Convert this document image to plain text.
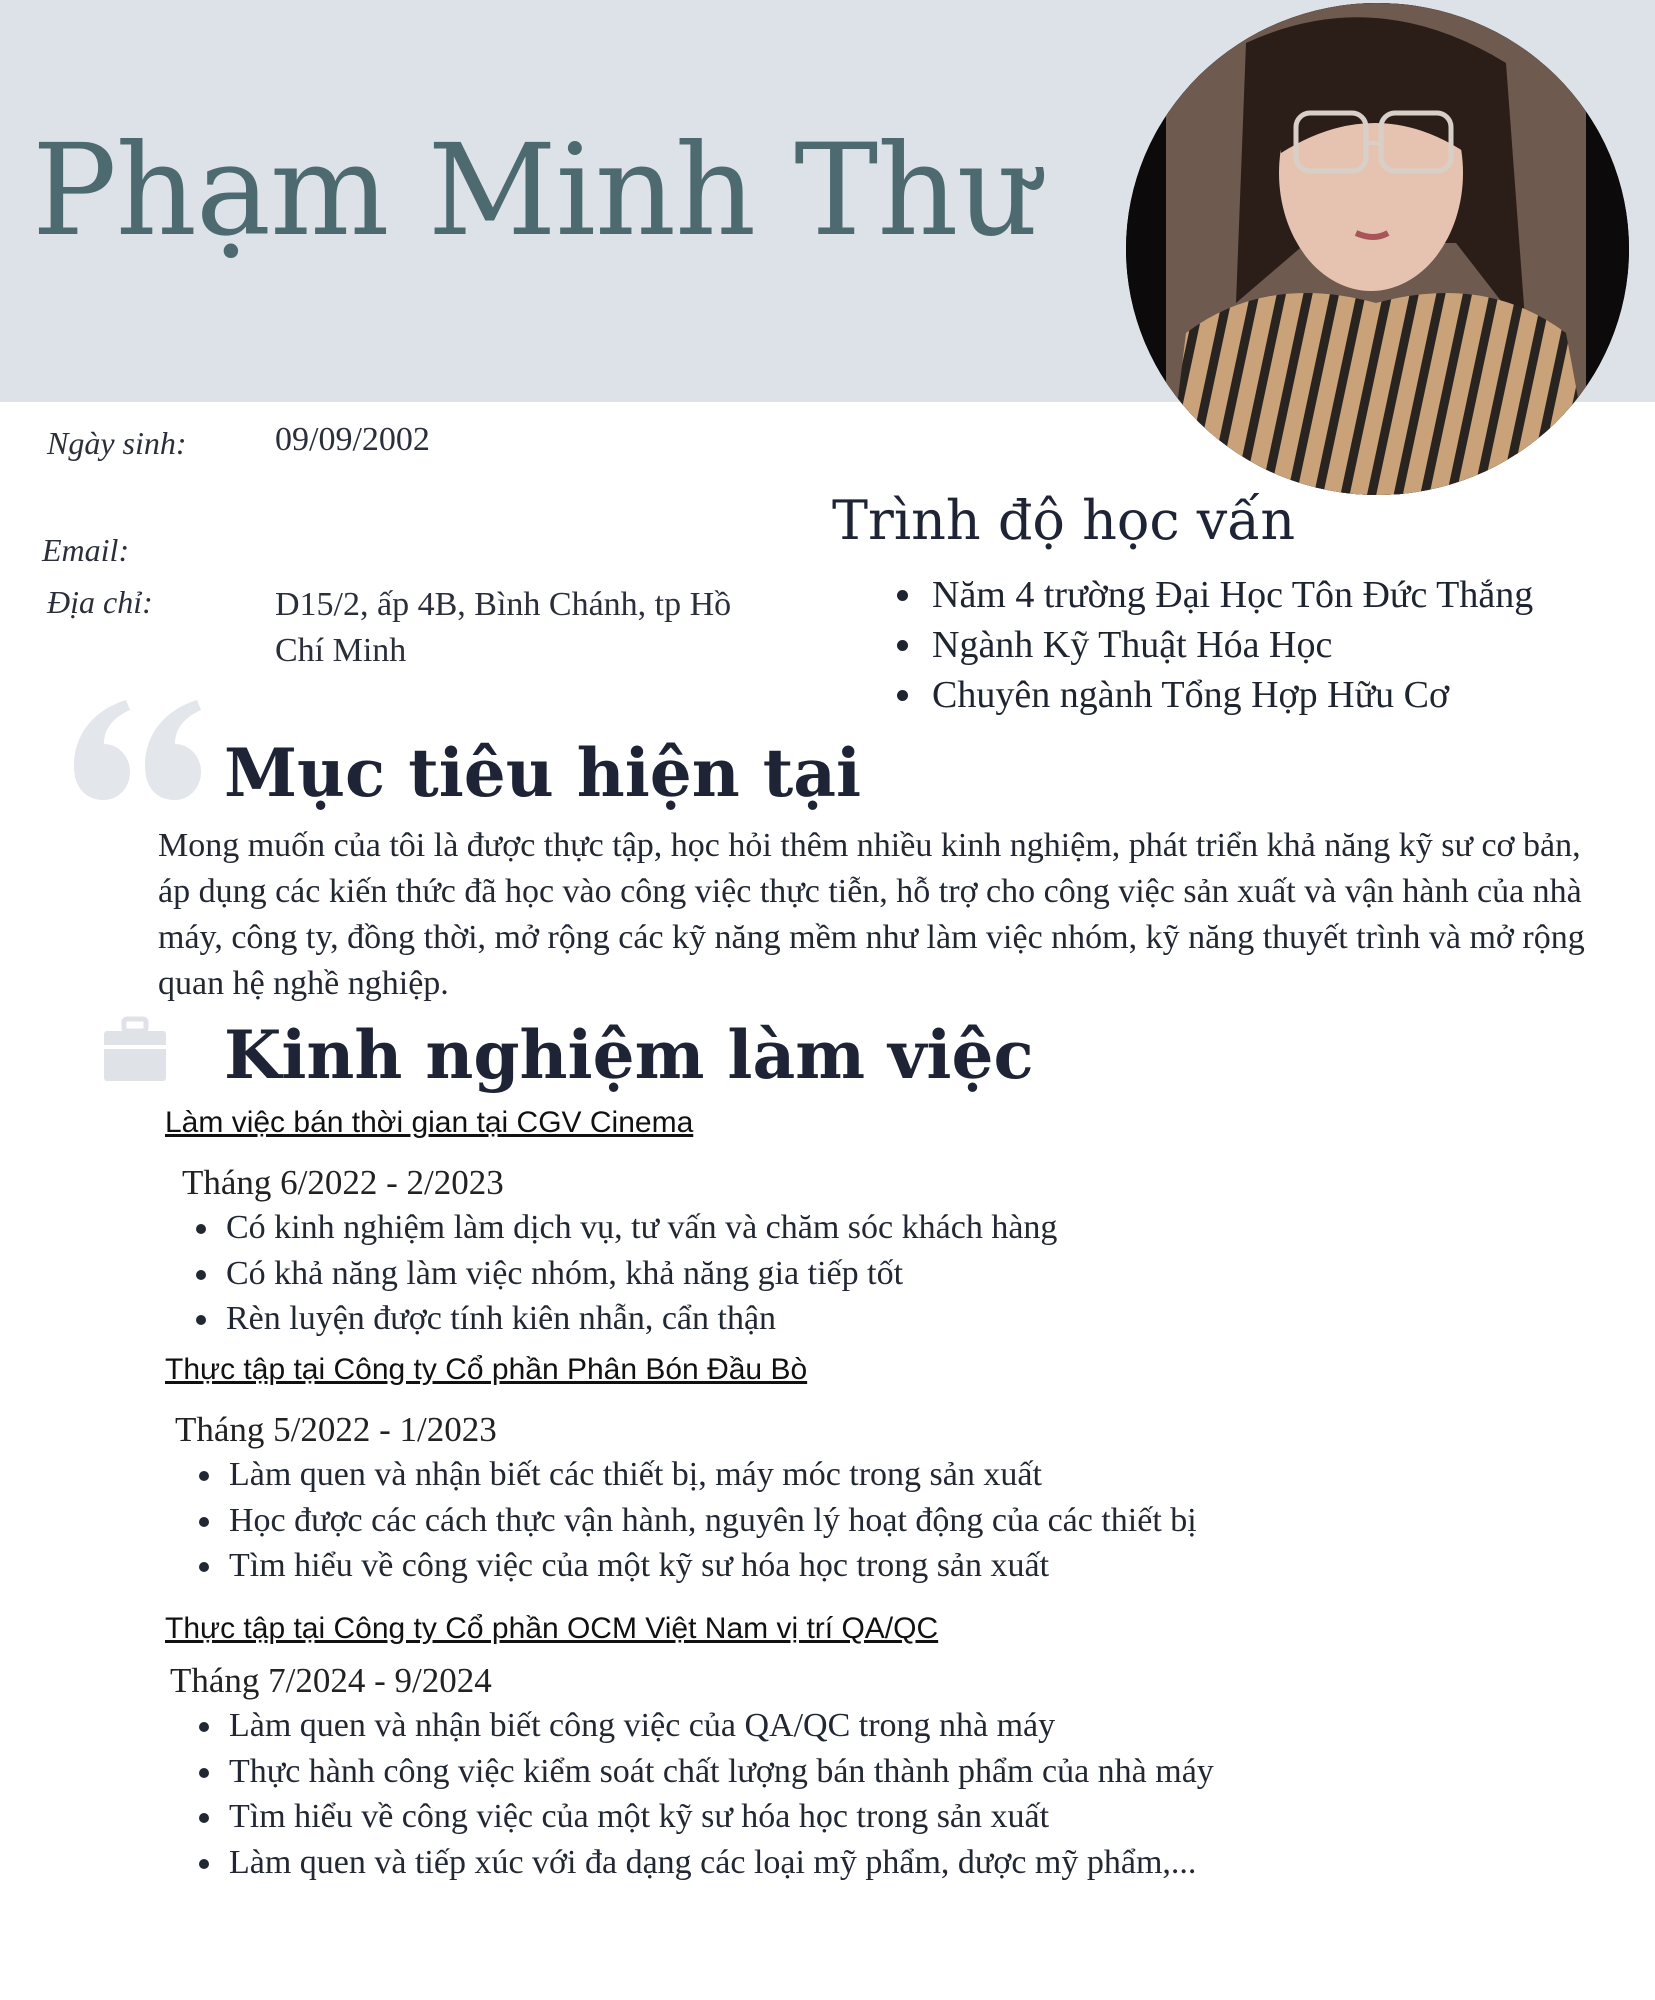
Phạm Minh Thư
Ngày sinh:	09/09/2002
Email:
Địa chỉ:	D15/2, ấp 4B, Bình Chánh, tp Hồ Chí Minh
Trình độ học vấn
• Năm 4 trường Đại Học Tôn Đức Thắng
• Ngành Kỹ Thuật Hóa Học
• Chuyên ngành Tổng Hợp Hữu Cơ
Mục tiêu hiện tại

Mong muốn của tôi là được thực tập, học hỏi thêm nhiều kinh nghiệm, phát triển khả năng kỹ sư cơ bản, áp dụng các kiến thức đã học vào công việc thực tiễn, hỗ trợ cho công việc sản xuất và vận hành của nhà máy, công ty, đồng thời, mở rộng các kỹ năng mềm như làm việc nhóm, kỹ năng thuyết trình và mở rộng quan hệ nghề nghiệp.

Kinh nghiệm làm việc
Làm việc bán thời gian tại CGV Cinema
Tháng 6/2022 - 2/2023
• Có kinh nghiệm làm dịch vụ, tư vấn và chăm sóc khách hàng
• Có khả năng làm việc nhóm, khả năng gia tiếp tốt
• Rèn luyện được tính kiên nhẫn, cẩn thận
Thực tập tại Công ty Cổ phần Phân Bón Đầu Bò
Tháng 5/2022 - 1/2023
• Làm quen và nhận biết các thiết bị, máy móc trong sản xuất
• Học được các cách thực vận hành, nguyên lý hoạt động của các thiết bị
• Tìm hiểu về công việc của một kỹ sư hóa học trong sản xuất
Thực tập tại Công ty Cổ phần OCM Việt Nam vị trí QA/QC
Tháng 7/2024 - 9/2024
• Làm quen và nhận biết công việc của QA/QC trong nhà máy
• Thực hành công việc kiểm soát chất lượng bán thành phẩm của nhà máy
• Tìm hiểu về công việc của một kỹ sư hóa học trong sản xuất
• Làm quen và tiếp xúc với đa dạng các loại mỹ phẩm, dược mỹ phẩm,...
